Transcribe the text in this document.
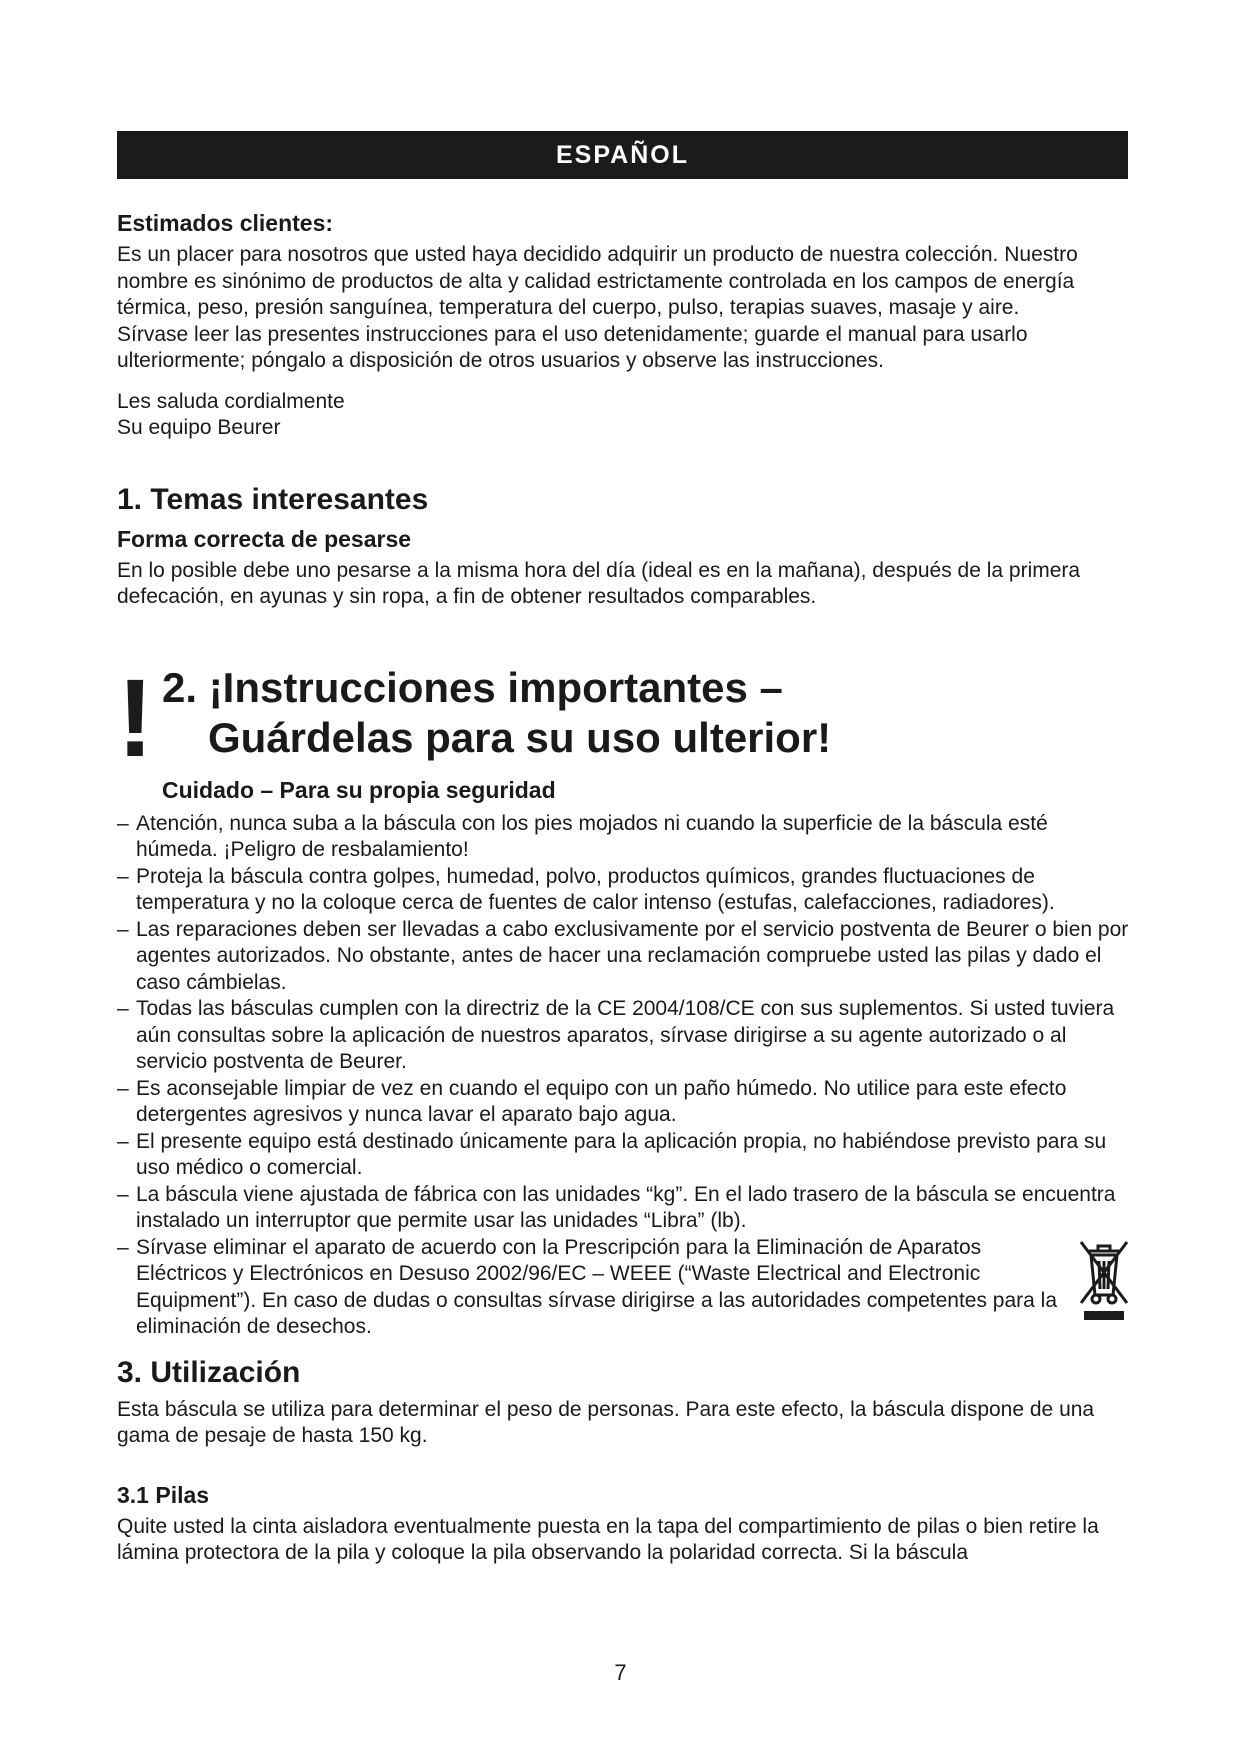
ESPAÑOL
Estimados clientes:

Es un placer para nosotros que usted haya decidido adquirir un producto de nuestra colección. Nuestro nombre es sinónimo de productos de alta y calidad estrictamente controlada en los campos de energía térmica, peso, presión sanguínea, temperatura del cuerpo, pulso, terapias suaves, masaje y aire.

Sírvase leer las presentes instrucciones para el uso detenidamente; guarde el manual para usarlo ulteriormente; póngalo a disposición de otros usuarios y observe las instrucciones.

Les saluda cordialmente

Su equipo Beurer

1. Temas interesantes
Forma correcta de pesarse

En lo posible debe uno pesarse a la misma hora del día (ideal es en la mañana), después de la primera defecación, en ayunas y sin ropa, a fin de obtener resultados comparables.

! 2. ¡Instrucciones importantes –
Guárdelas para su uso ulterior!
Cuidado – Para su propia seguridad
– Atención, nunca suba a la báscula con los pies mojados ni cuando la superficie de la báscula esté húmeda. ¡Peligro de resbalamiento!
– Proteja la báscula contra golpes, humedad, polvo, productos químicos, grandes fluctuaciones de temperatura y no la coloque cerca de fuentes de calor intenso (estufas, calefacciones, radiadores).
– Las reparaciones deben ser llevadas a cabo exclusivamente por el servicio postventa de Beurer o bien por agentes autorizados. No obstante, antes de hacer una reclamación compruebe usted las pilas y dado el caso cámbielas.
– Todas las básculas cumplen con la directriz de la CE 2004/108/CE con sus suplementos. Si usted tuviera aún consultas sobre la aplicación de nuestros aparatos, sírvase dirigirse a su agente autorizado o al servicio postventa de Beurer.
– Es aconsejable limpiar de vez en cuando el equipo con un paño húmedo. No utilice para este efecto detergentes agresivos y nunca lavar el aparato bajo agua.
– El presente equipo está destinado únicamente para la aplicación propia, no habiéndose previsto para su uso médico o comercial.
– La báscula viene ajustada de fábrica con las unidades “kg”. En el lado trasero de la báscula se encuentra instalado un interruptor que permite usar las unidades “Libra” (lb).
– Sírvase eliminar el aparato de acuerdo con la Prescripción para la Eliminación de Aparatos Eléctricos y Electrónicos en Desuso 2002/96/EC – WEEE (“Waste Electrical and Electronic Equipment”). En caso de dudas o consultas sírvase dirigirse a las autoridades competentes para la eliminación de desechos.
3. Utilización

Esta báscula se utiliza para determinar el peso de personas. Para este efecto, la báscula dispone de una gama de pesaje de hasta 150 kg.

3.1 Pilas

Quite usted la cinta aisladora eventualmente puesta en la tapa del compartimiento de pilas o bien retire la lámina protectora de la pila y coloque la pila observando la polaridad correcta. Si la báscula

7
